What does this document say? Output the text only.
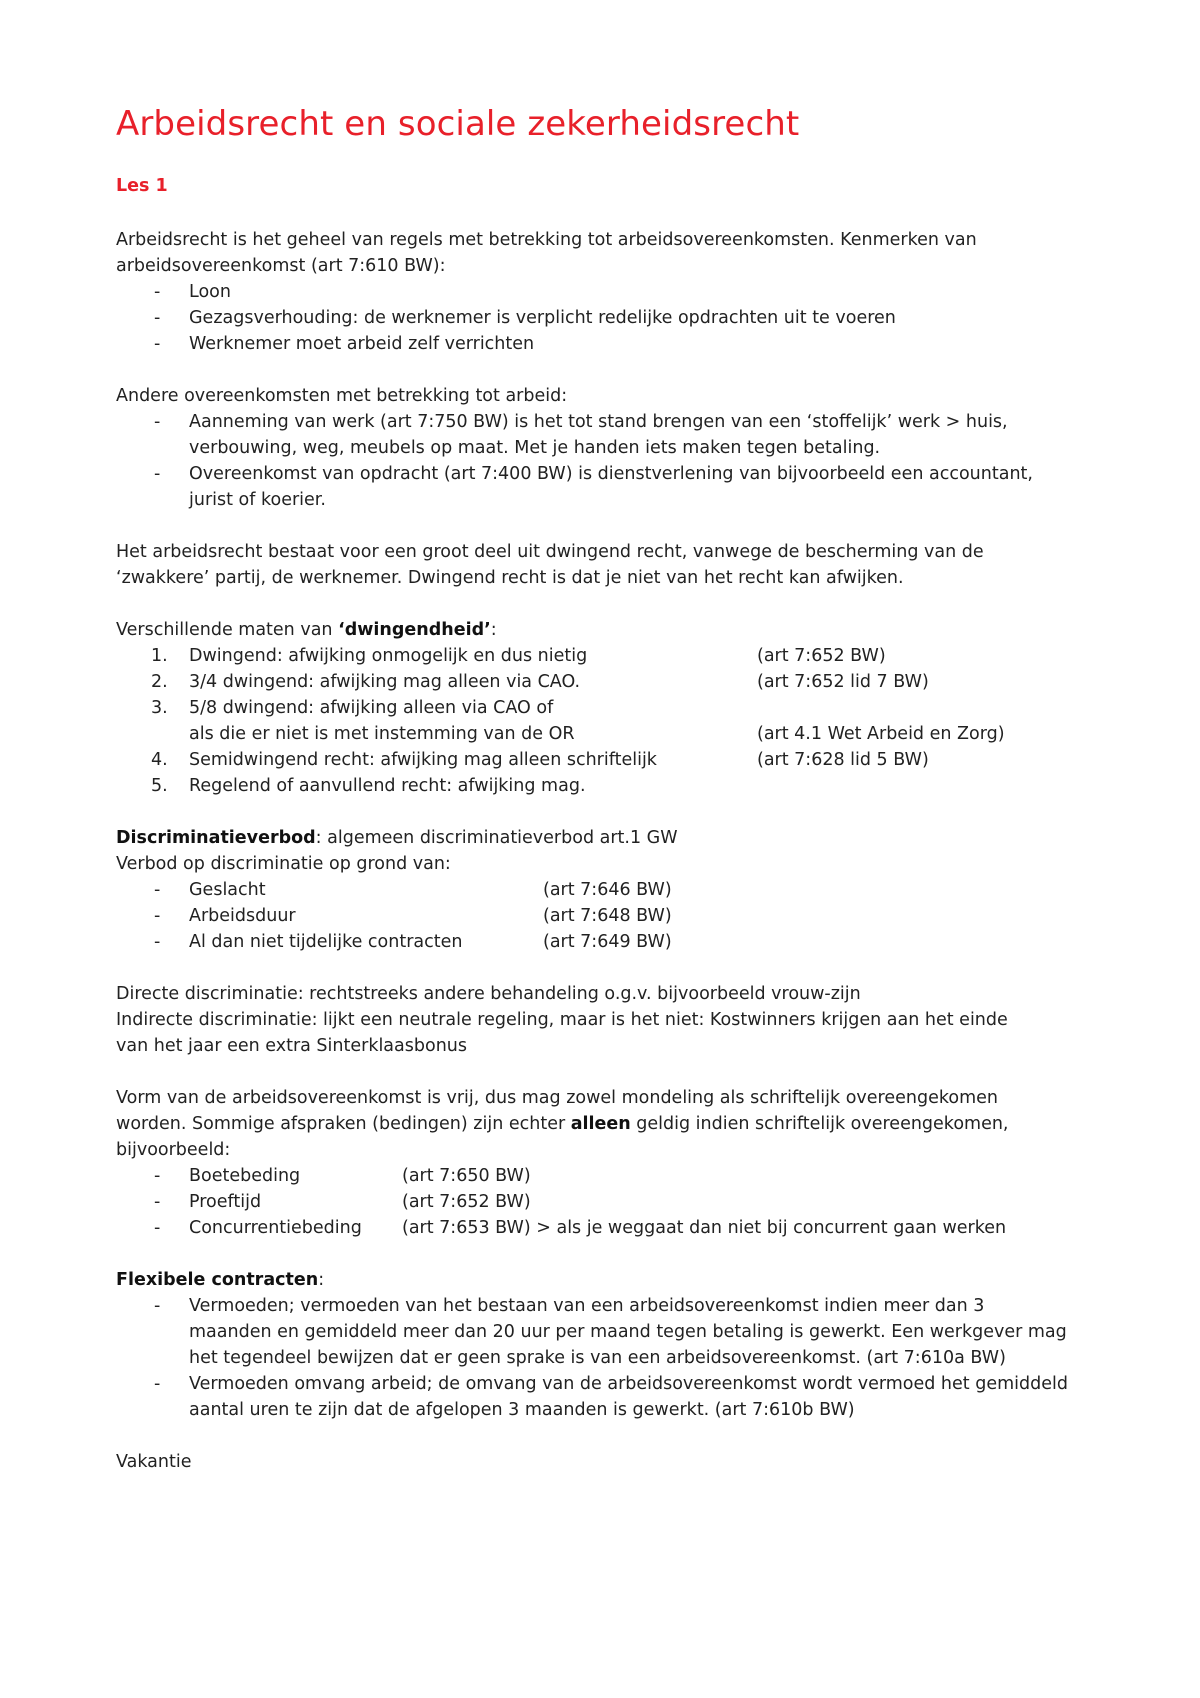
Arbeidsrecht en sociale zekerheidsrecht
Les 1
Arbeidsrecht is het geheel van regels met betrekking tot arbeidsovereenkomsten. Kenmerken van
arbeidsovereenkomst (art 7:610 BW):
- Loon
- Gezagsverhouding: de werknemer is verplicht redelijke opdrachten uit te voeren
- Werknemer moet arbeid zelf verrichten
Andere overeenkomsten met betrekking tot arbeid:
- Aanneming van werk (art 7:750 BW) is het tot stand brengen van een ‘stoffelijk’ werk > huis,
verbouwing, weg, meubels op maat. Met je handen iets maken tegen betaling.
- Overeenkomst van opdracht (art 7:400 BW) is dienstverlening van bijvoorbeeld een accountant,
jurist of koerier.
Het arbeidsrecht bestaat voor een groot deel uit dwingend recht, vanwege de bescherming van de
‘zwakkere’ partij, de werknemer. Dwingend recht is dat je niet van het recht kan afwijken.
Verschillende maten van ‘dwingendheid’:
1. Dwingend: afwijking onmogelijk en dus nietig	(art 7:652 BW)
2. 3/4 dwingend: afwijking mag alleen via CAO.	(art 7:652 lid 7 BW)
3. 5/8 dwingend: afwijking alleen via CAO of
als die er niet is met instemming van de OR	(art 4.1 Wet Arbeid en Zorg)
4. Semidwingend recht: afwijking mag alleen schriftelijk	(art 7:628 lid 5 BW)
5. Regelend of aanvullend recht: afwijking mag.
Discriminatieverbod: algemeen discriminatieverbod art.1 GW
Verbod op discriminatie op grond van:
- Geslacht	(art 7:646 BW)
- Arbeidsduur	(art 7:648 BW)
- Al dan niet tijdelijke contracten	(art 7:649 BW)
Directe discriminatie: rechtstreeks andere behandeling o.g.v. bijvoorbeeld vrouw-zijn
Indirecte discriminatie: lijkt een neutrale regeling, maar is het niet: Kostwinners krijgen aan het einde
van het jaar een extra Sinterklaasbonus
Vorm van de arbeidsovereenkomst is vrij, dus mag zowel mondeling als schriftelijk overeengekomen
worden. Sommige afspraken (bedingen) zijn echter alleen geldig indien schriftelijk overeengekomen,
bijvoorbeeld:
- Boetebeding	(art 7:650 BW)
- Proeftijd	(art 7:652 BW)
- Concurrentiebeding (art 7:653 BW) > als je weggaat dan niet bij concurrent gaan werken
Flexibele contracten:
- Vermoeden; vermoeden van het bestaan van een arbeidsovereenkomst indien meer dan 3
maanden en gemiddeld meer dan 20 uur per maand tegen betaling is gewerkt. Een werkgever mag
het tegendeel bewijzen dat er geen sprake is van een arbeidsovereenkomst. (art 7:610a BW)
- Vermoeden omvang arbeid; de omvang van de arbeidsovereenkomst wordt vermoed het gemiddeld
aantal uren te zijn dat de afgelopen 3 maanden is gewerkt. (art 7:610b BW)
Vakantie
